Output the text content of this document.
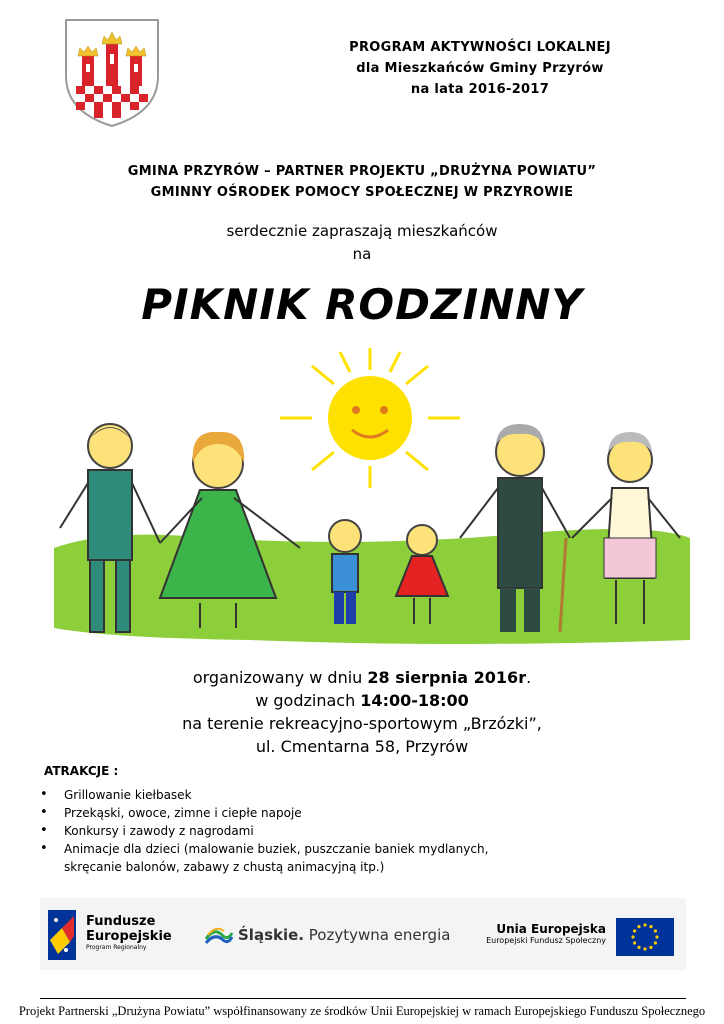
PROGRAM AKTYWNOŚCI LOKALNEJ
dla Mieszkańców Gminy Przyrów
na lata 2016-2017
GMINA PRZYRÓW – PARTNER PROJEKTU „DRUŻYNA POWIATU”
GMINNY OŚRODEK POMOCY SPOŁECZNEJ W PRZYROWIE
serdecznie zapraszają mieszkańców
na
PIKNIK RODZINNY
organizowany w dniu 28 sierpnia 2016r.
w godzinach 14:00-18:00
na terenie rekreacyjno-sportowym „Brzózki”,
ul. Cmentarna 58, Przyrów
ATRAKCJE :
• Grillowanie kiełbasek
• Przekąski, owoce, zimne i ciepłe napoje
• Konkursy i zawody z nagrodami
• Animacje dla dzieci (malowanie buziek, puszczanie baniek mydlanych, skręcanie balonów, zabawy z chustą animacyjną itp.)
Fundusze
Europejskie
Program Regionalny
Śląskie. Pozytywna energia	Unia Europejska
Europejski Fundusz Społeczny
Projekt Partnerski „Drużyna Powiatu” współfinansowany ze środków Unii Europejskiej w ramach Europejskiego Funduszu Społecznego
